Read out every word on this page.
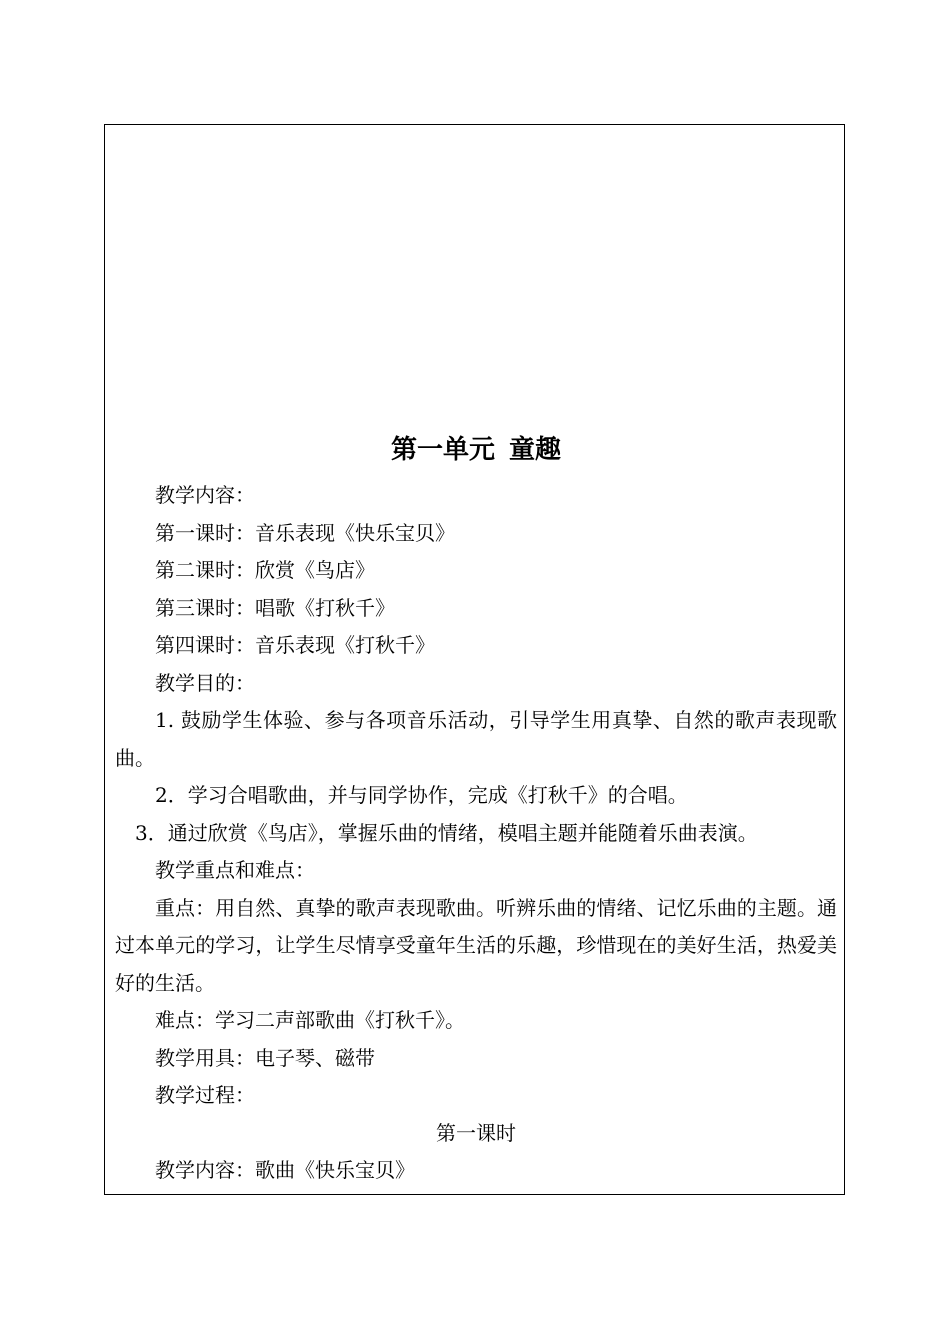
第一单元 童趣

教学内容：

第一课时：音乐表现《快乐宝贝》

第二课时：欣赏《鸟店》

第三课时：唱歌《打秋千》

第四课时：音乐表现《打秋千》

教学目的：

1. 鼓励学生体验、参与各项音乐活动，引导学生用真挚、自然的歌声表现歌曲。

2．学习合唱歌曲，并与同学协作，完成《打秋千》的合唱。

3．通过欣赏《鸟店》，掌握乐曲的情绪，模唱主题并能随着乐曲表演。

教学重点和难点：

重点：用自然、真挚的歌声表现歌曲。听辨乐曲的情绪、记忆乐曲的主题。通过本单元的学习，让学生尽情享受童年生活的乐趣，珍惜现在的美好生活，热爱美好的生活。

难点：学习二声部歌曲《打秋千》。

教学用具：电子琴、磁带

教学过程：

第一课时

教学内容：歌曲《快乐宝贝》
